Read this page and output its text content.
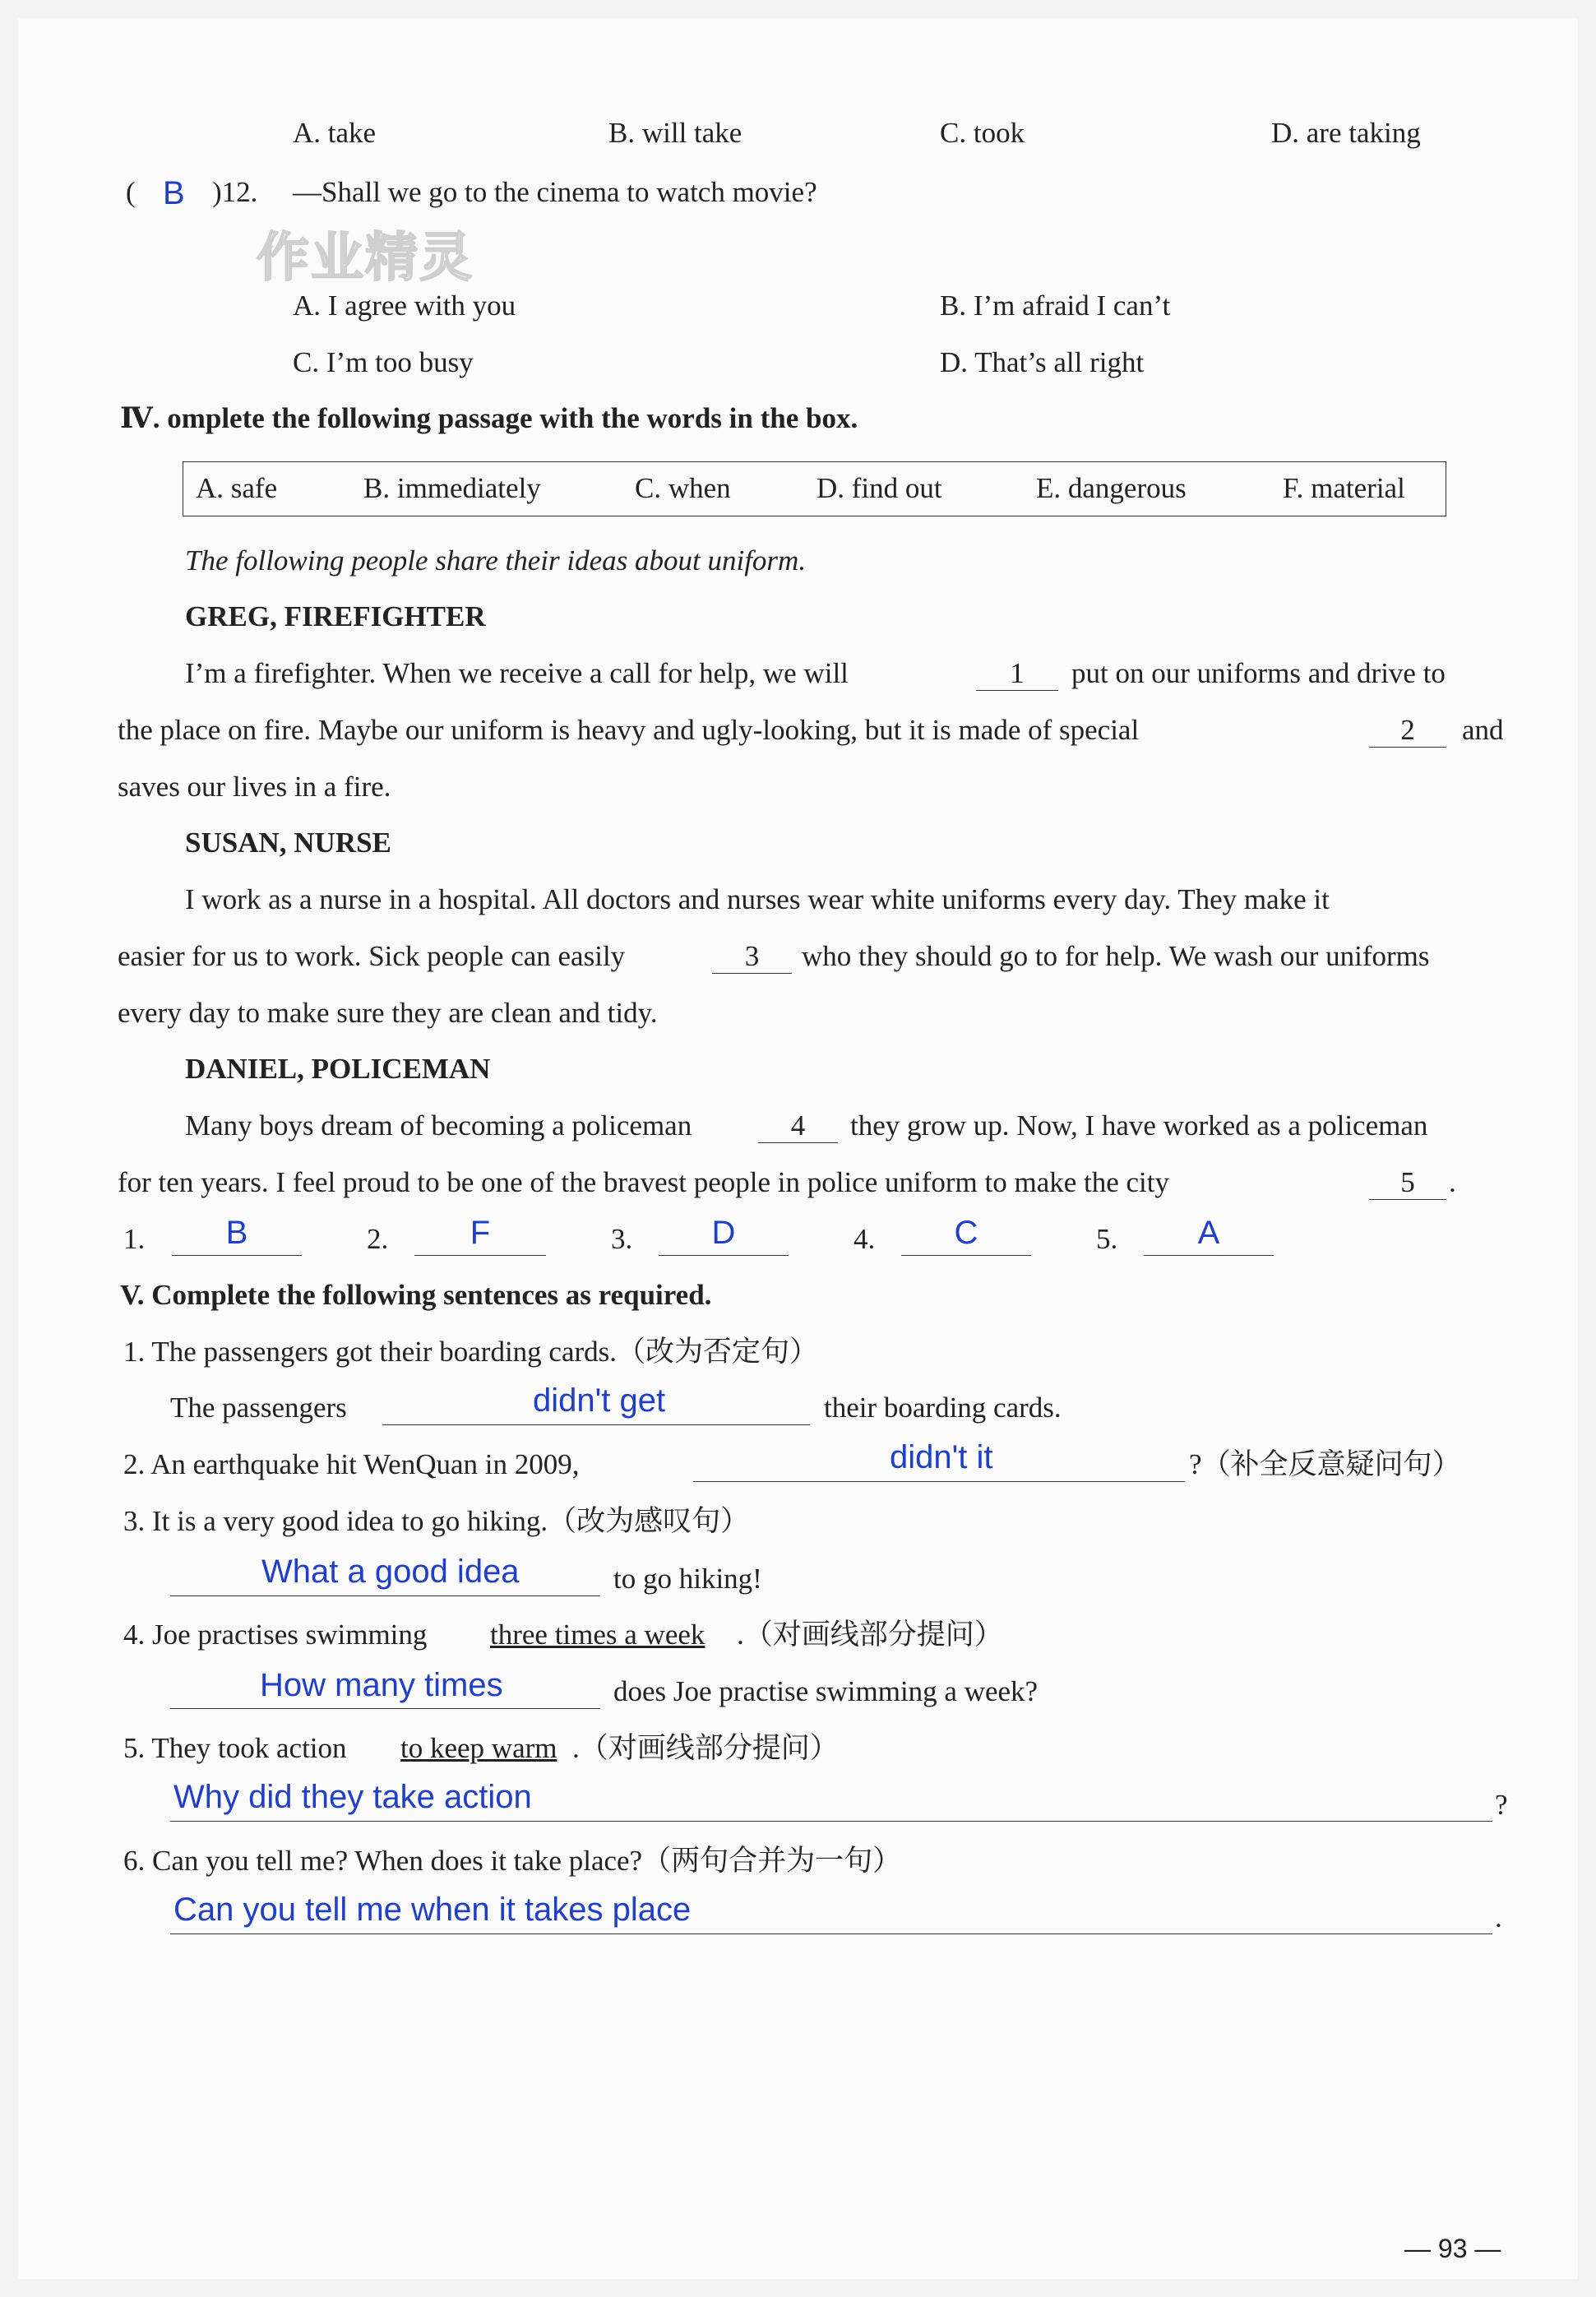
A. take	B. will take	C. took	D. are taking
( B )12. —Shall we go to the cinema to watch movie?
作业精灵
A. I agree with you	B. I’m afraid I can’t
C. I’m too busy	D. That’s all right
Ⅳ. omplete the following passage with the words in the box.
A. safe	B. immediately	C. when	D. find out	E. dangerous	F. material
The following people share their ideas about uniform.
GREG, FIREFIGHTER
I’m a firefighter. When we receive a call for help, we will	1	put on our uniforms and drive to
the place on fire. Maybe our uniform is heavy and ugly-looking, but it is made of special	2	and
saves our lives in a fire.
SUSAN, NURSE
I work as a nurse in a hospital. All doctors and nurses wear white uniforms every day. They make it
easier for us to work. Sick people can easily	3	who they should go to for help. We wash our uniforms
every day to make sure they are clean and tidy.
DANIEL, POLICEMAN
Many boys dream of becoming a policeman	4	they grow up. Now, I have worked as a policeman
for ten years. I feel proud to be one of the bravest people in police uniform to make the city	5	.
1.	B	2.	F	3.	D	4.	C	5.	A
V. Complete the following sentences as required.
1. The passengers got their boarding cards.（改为否定句）
The passengers	didn't get	their boarding cards.
2. An earthquake hit WenQuan in 2009,	didn't it	?（补全反意疑问句）
3. It is a very good idea to go hiking.（改为感叹句）
What a good idea	to go hiking!
4. Joe practises swimming three times a week .（对画线部分提问）
How many times	does Joe practise swimming a week?
5. They took action to keep warm .（对画线部分提问）
Why did they take action	?
6. Can you tell me? When does it take place?（两句合并为一句）
Can you tell me when it takes place	.
— 93 —
